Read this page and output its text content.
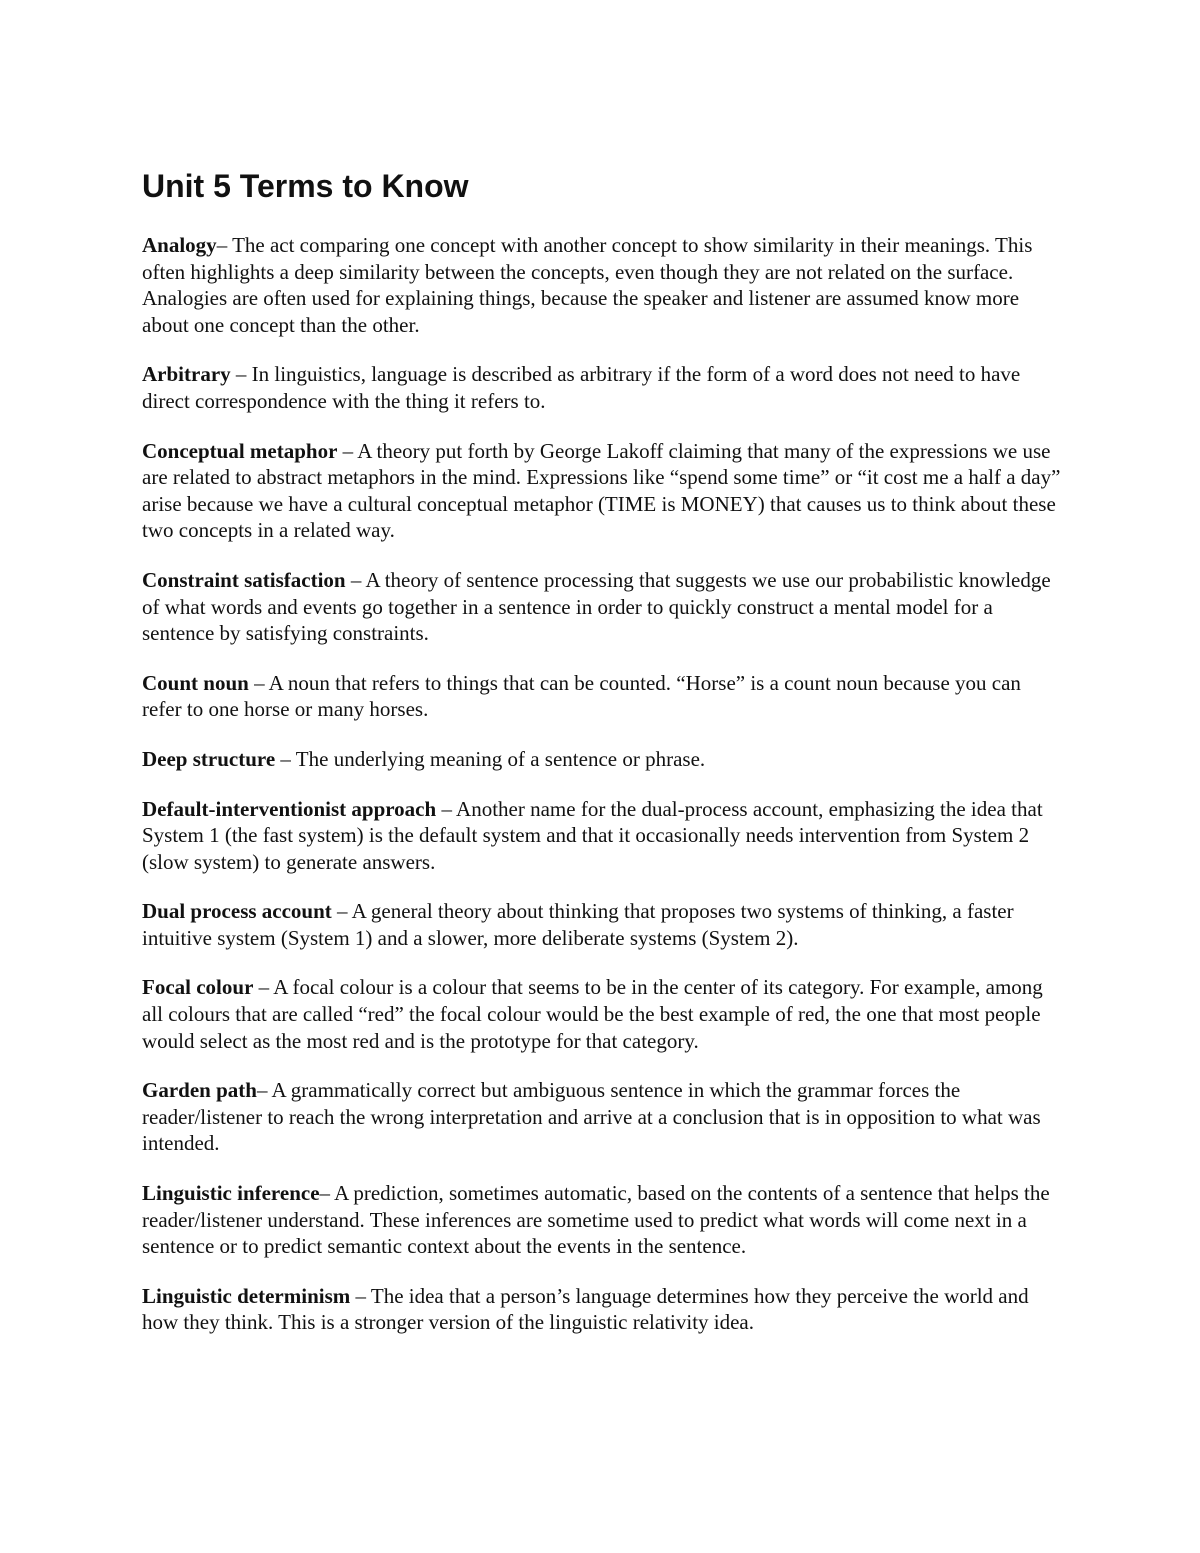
Unit 5 Terms to Know

Analogy– The act comparing one concept with another concept to show similarity in their meanings. This often highlights a deep similarity between the concepts, even though they are not related on the surface. Analogies are often used for explaining things, because the speaker and listener are assumed know more about one concept than the other.

Arbitrary – In linguistics, language is described as arbitrary if the form of a word does not need to have direct correspondence with the thing it refers to.

Conceptual metaphor – A theory put forth by George Lakoff claiming that many of the expressions we use are related to abstract metaphors in the mind. Expressions like “spend some time” or “it cost me a half a day” arise because we have a cultural conceptual metaphor (TIME is MONEY) that causes us to think about these two concepts in a related way.

Constraint satisfaction – A theory of sentence processing that suggests we use our probabilistic knowledge of what words and events go together in a sentence in order to quickly construct a mental model for a sentence by satisfying constraints.

Count noun – A noun that refers to things that can be counted. “Horse” is a count noun because you can refer to one horse or many horses.

Deep structure – The underlying meaning of a sentence or phrase.

Default-interventionist approach – Another name for the dual-process account, emphasizing the idea that System 1 (the fast system) is the default system and that it occasionally needs intervention from System 2 (slow system) to generate answers.

Dual process account – A general theory about thinking that proposes two systems of thinking, a faster intuitive system (System 1) and a slower, more deliberate systems (System 2).

Focal colour – A focal colour is a colour that seems to be in the center of its category. For example, among all colours that are called “red” the focal colour would be the best example of red, the one that most people would select as the most red and is the prototype for that category.

Garden path– A grammatically correct but ambiguous sentence in which the grammar forces the reader/listener to reach the wrong interpretation and arrive at a conclusion that is in opposition to what was intended.

Linguistic inference– A prediction, sometimes automatic, based on the contents of a sentence that helps the reader/listener understand. These inferences are sometime used to predict what words will come next in a sentence or to predict semantic context about the events in the sentence.

Linguistic determinism – The idea that a person’s language determines how they perceive the world and how they think. This is a stronger version of the linguistic relativity idea.
